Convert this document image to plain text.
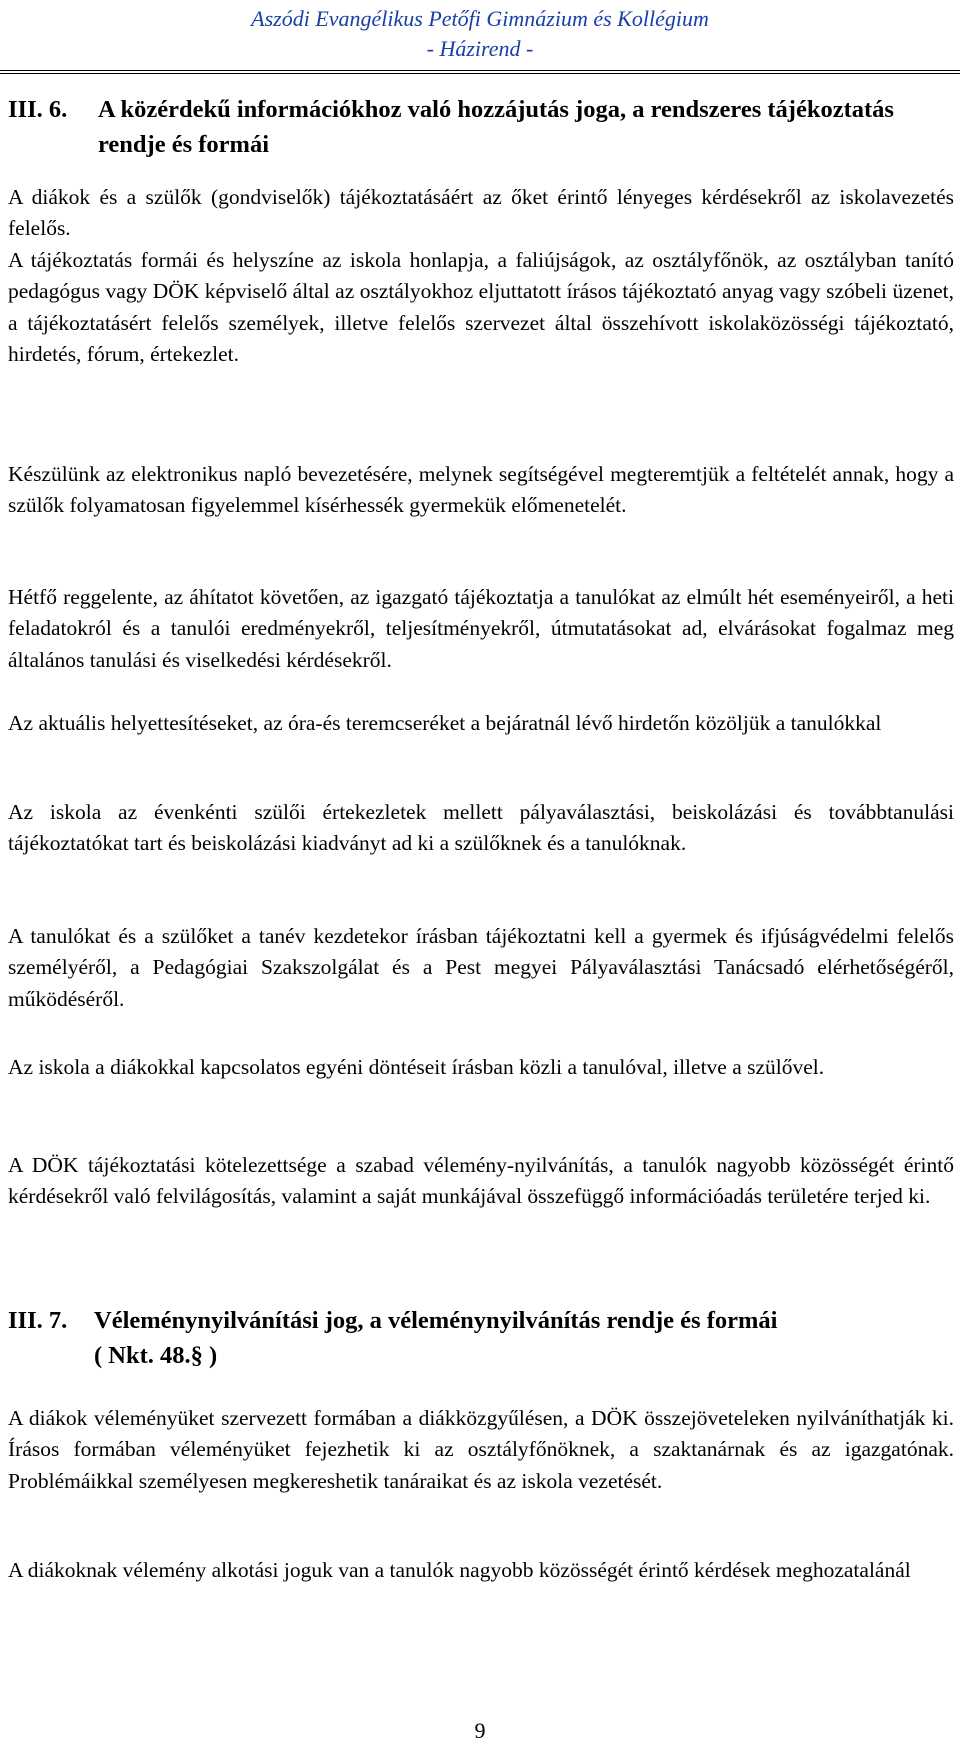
Aszódi Evangélikus Petőfi Gimnázium és Kollégium
- Házirend -
III. 6. A közérdekű információkhoz való hozzájutás joga, a rendszeres tájékoztatás rendje és formái

A diákok és a szülők (gondviselők) tájékoztatásáért az őket érintő lényeges kérdésekről az iskolavezetés felelős.

A tájékoztatás formái és helyszíne az iskola honlapja, a faliújságok, az osztályfőnök, az osztályban tanító pedagógus vagy DÖK képviselő által az osztályokhoz eljuttatott írásos tájékoztató anyag vagy szóbeli üzenet, a tájékoztatásért felelős személyek, illetve felelős szervezet által összehívott iskolaközösségi tájékoztató, hirdetés, fórum, értekezlet.

Készülünk az elektronikus napló bevezetésére, melynek segítségével megteremtjük a feltételét annak, hogy a szülők folyamatosan figyelemmel kísérhessék gyermekük előmenetelét.

Hétfő reggelente, az áhítatot követően, az igazgató tájékoztatja a tanulókat az elmúlt hét eseményeiről, a heti feladatokról és a tanulói eredményekről, teljesítményekről, útmutatásokat ad, elvárásokat fogalmaz meg általános tanulási és viselkedési kérdésekről.

Az aktuális helyettesítéseket, az óra-és teremcseréket a bejáratnál lévő hirdetőn közöljük a tanulókkal

Az iskola az évenkénti szülői értekezletek mellett pályaválasztási, beiskolázási és továbbtanulási tájékoztatókat tart és beiskolázási kiadványt ad ki a szülőknek és a tanulóknak.

A tanulókat és a szülőket a tanév kezdetekor írásban tájékoztatni kell a gyermek és ifjúságvédelmi felelős személyéről, a Pedagógiai Szakszolgálat és a Pest megyei Pályaválasztási Tanácsadó elérhetőségéről, működéséről.

Az iskola a diákokkal kapcsolatos egyéni döntéseit írásban közli a tanulóval, illetve a szülővel.

A DÖK tájékoztatási kötelezettsége a szabad vélemény-nyilvánítás, a tanulók nagyobb közösségét érintő kérdésekről való felvilágosítás, valamint a saját munkájával összefüggő információadás területére terjed ki.

III. 7. Véleménynyilvánítási jog, a véleménynyilvánítás rendje és formái
( Nkt. 48.§ )

A diákok véleményüket szervezett formában a diákközgyűlésen, a DÖK összejöveteleken nyilváníthatják ki. Írásos formában véleményüket fejezhetik ki az osztályfőnöknek, a szaktanárnak és az igazgatónak. Problémáikkal személyesen megkereshetik tanáraikat és az iskola vezetését.

A diákoknak vélemény alkotási joguk van a tanulók nagyobb közösségét érintő kérdések meghozatalánál

9
